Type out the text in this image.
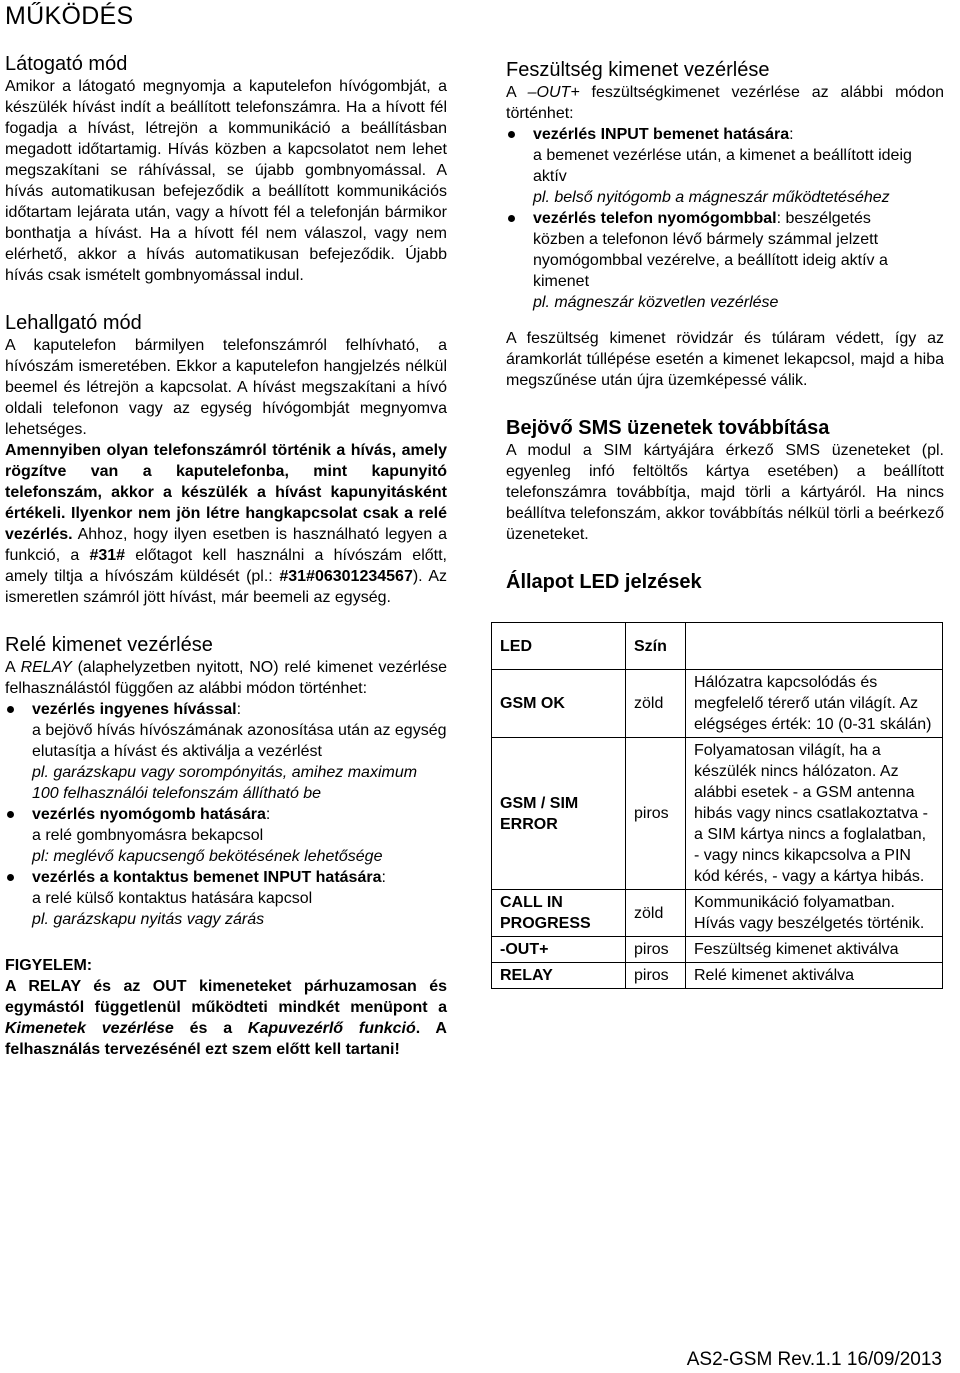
MŰKÖDÉS
Látogató mód

Amikor a látogató megnyomja a kaputelefon hívógombját, a készülék hívást indít a beállított telefonszámra. Ha a hívott fél fogadja a hívást, létrejön a kommunikáció a beállításban megadott időtartamig. Hívás közben a kapcsolatot nem lehet megszakítani se ráhívással, se újabb gombnyomással. A hívás automatikusan befejeződik a beállított kommunikációs időtartam lejárata után, vagy a hívott fél a telefonján bármikor bonthatja a hívást. Ha a hívott fél nem válaszol, vagy nem elérhető, akkor a hívás automatikusan befejeződik. Újabb hívás csak ismételt gombnyomással indul.

Lehallgató mód

A kaputelefon bármilyen telefonszámról felhívható, a hívószám ismeretében. Ekkor a kaputelefon hangjelzés nélkül beemel és létrejön a kapcsolat. A hívást megszakítani a hívó oldali telefonon vagy az egység hívógombját megnyomva lehetséges.

Amennyiben olyan telefonszámról történik a hívás, amely rögzítve van a kaputelefonba, mint kapunyitó telefonszám, akkor a készülék a hívást kapunyitásként értékeli. Ilyenkor nem jön létre hangkapcsolat csak a relé vezérlés. Ahhoz, hogy ilyen esetben is használható legyen a funkció, a #31# előtagot kell használni a hívószám előtt, amely tiltja a hívószám küldését (pl.: #31#06301234567). Az ismeretlen számról jött hívást, már beemeli az egység.

Relé kimenet vezérlése

A RELAY (alaphelyzetben nyitott, NO) relé kimenet vezérlése felhasználástól függően az alábbi módon történhet:

vezérlés ingyenes hívással:
a bejövő hívás hívószámának azonosítása után az egység elutasítja a hívást és aktiválja a vezérlést
pl. garázskapu vagy sorompónyitás, amihez maximum 100 felhasználói telefonszám állítható be
vezérlés nyomógomb hatására:
a relé gombnyomásra bekapcsol
pl: meglévő kapucsengő bekötésének lehetősége
vezérlés a kontaktus bemenet INPUT hatására:
a relé külső kontaktus hatására kapcsol
pl. garázskapu nyitás vagy zárás

FIGYELEM:

A RELAY és az OUT kimeneteket párhuzamosan és egymástól függetlenül működteti mindkét menüpont a Kimenetek vezérlése és a Kapuvezérlő funkció. A felhasználás tervezésénél ezt szem előtt kell tartani!

Feszültség kimenet vezérlése

A –OUT+ feszültségkimenet vezérlése az alábbi módon történhet:

vezérlés INPUT bemenet hatására:
a bemenet vezérlése után, a kimenet a beállított ideig aktív
pl. belső nyitógomb a mágneszár működtetéséhez
vezérlés telefon nyomógombbal: beszélgetés
közben a telefonon lévő bármely számmal jelzett nyomógombbal vezérelve, a beállított ideig aktív a kimenet
pl. mágneszár közvetlen vezérlése

A feszültség kimenet rövidzár és túláram védett, így az áramkorlát túllépése esetén a kimenet lekapcsol, majd a hiba megszűnése után újra üzemképessé válik.

Bejövő SMS üzenetek továbbítása

A modul a SIM kártyájára érkező SMS üzeneteket (pl. egyenleg infó feltöltős kártya esetében) a beállított telefonszámra továbbítja, majd törli a kártyáról. Ha nincs beállítva telefonszám, akkor továbbítás nélkül törli a beérkező üzeneteket.

Állapot LED jelzések
LED	Szín	
GSM OK	zöld	Hálózatra kapcsolódás és megfelelő térerő után világít. Az elégséges érték: 10 (0-31 skálán)
GSM / SIM ERROR	piros	Folyamatosan világít, ha a készülék nincs hálózaton. Az alábbi esetek - a GSM antenna hibás vagy nincs csatlakoztatva - a SIM kártya nincs a foglalatban, - vagy nincs kikapcsolva a PIN kód kérés, - vagy a kártya hibás.
CALL IN PROGRESS	zöld	Kommunikáció folyamatban. Hívás vagy beszélgetés történik.
-OUT+	piros	Feszültség kimenet aktiválva
RELAY	piros	Relé kimenet aktiválva
AS2-GSM Rev.1.1 16/09/2013
